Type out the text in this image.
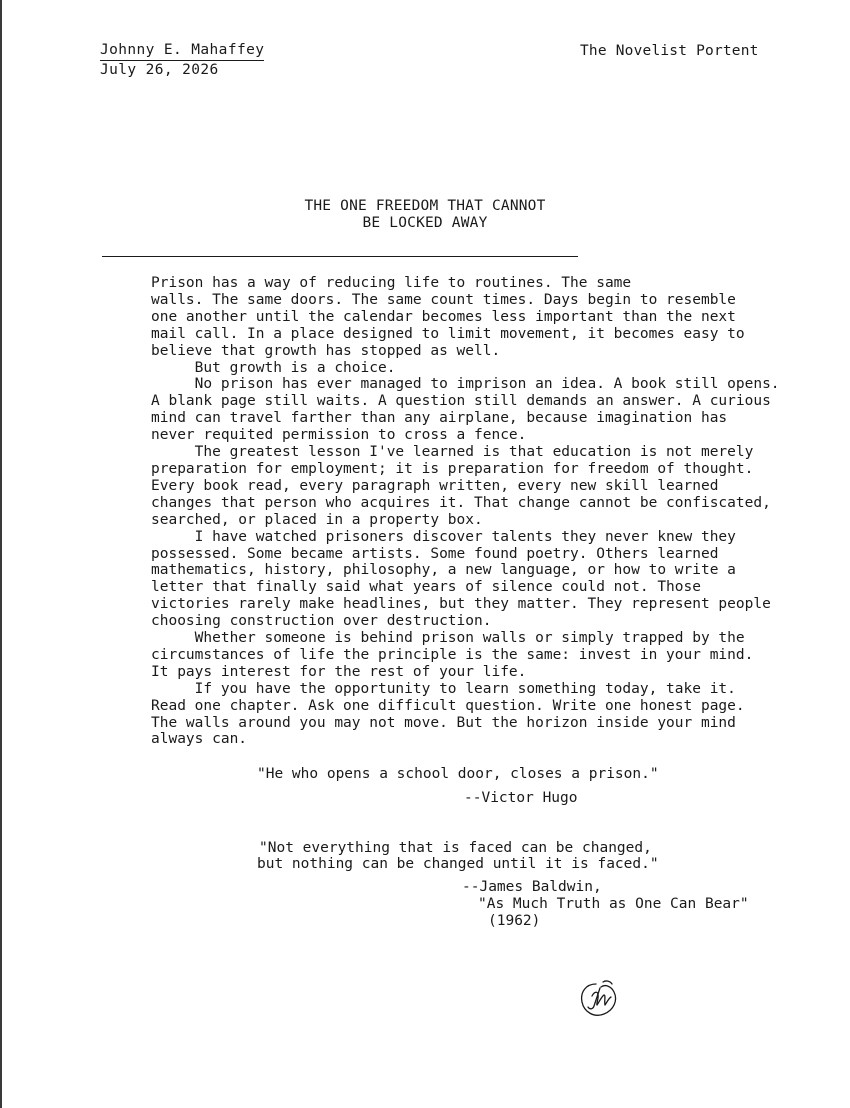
Johnny E. Mahaffey
July 26, 2026
The Novelist Portent
THE ONE FREEDOM THAT CANNOT
BE LOCKED AWAY

Prison has a way of reducing life to routines. The same

walls. The same doors. The same count times. Days begin to resemble

one another until the calendar becomes less important than the next

mail call. In a place designed to limit movement, it becomes easy to

believe that growth has stopped as well.

But growth is a choice.

No prison has ever managed to imprison an idea. A book still opens.

A blank page still waits. A question still demands an answer. A curious

mind can travel farther than any airplane, because imagination has

never requited permission to cross a fence.

The greatest lesson I've learned is that education is not merely

preparation for employment; it is preparation for freedom of thought.

Every book read, every paragraph written, every new skill learned

changes that person who acquires it. That change cannot be confiscated,

searched, or placed in a property box.

I have watched prisoners discover talents they never knew they

possessed. Some became artists. Some found poetry. Others learned

mathematics, history, philosophy, a new language, or how to write a

letter that finally said what years of silence could not. Those

victories rarely make headlines, but they matter. They represent people

choosing construction over destruction.

Whether someone is behind prison walls or simply trapped by the

circumstances of life the principle is the same: invest in your mind.

It pays interest for the rest of your life.

If you have the opportunity to learn something today, take it.

Read one chapter. Ask one difficult question. Write one honest page.

The walls around you may not move. But the horizon inside your mind

always can.

"He who opens a school door, closes a prison."
--Victor Hugo
"Not everything that is faced can be changed,
but nothing can be changed until it is faced."
--James Baldwin,
"As Much Truth as One Can Bear"
(1962)
